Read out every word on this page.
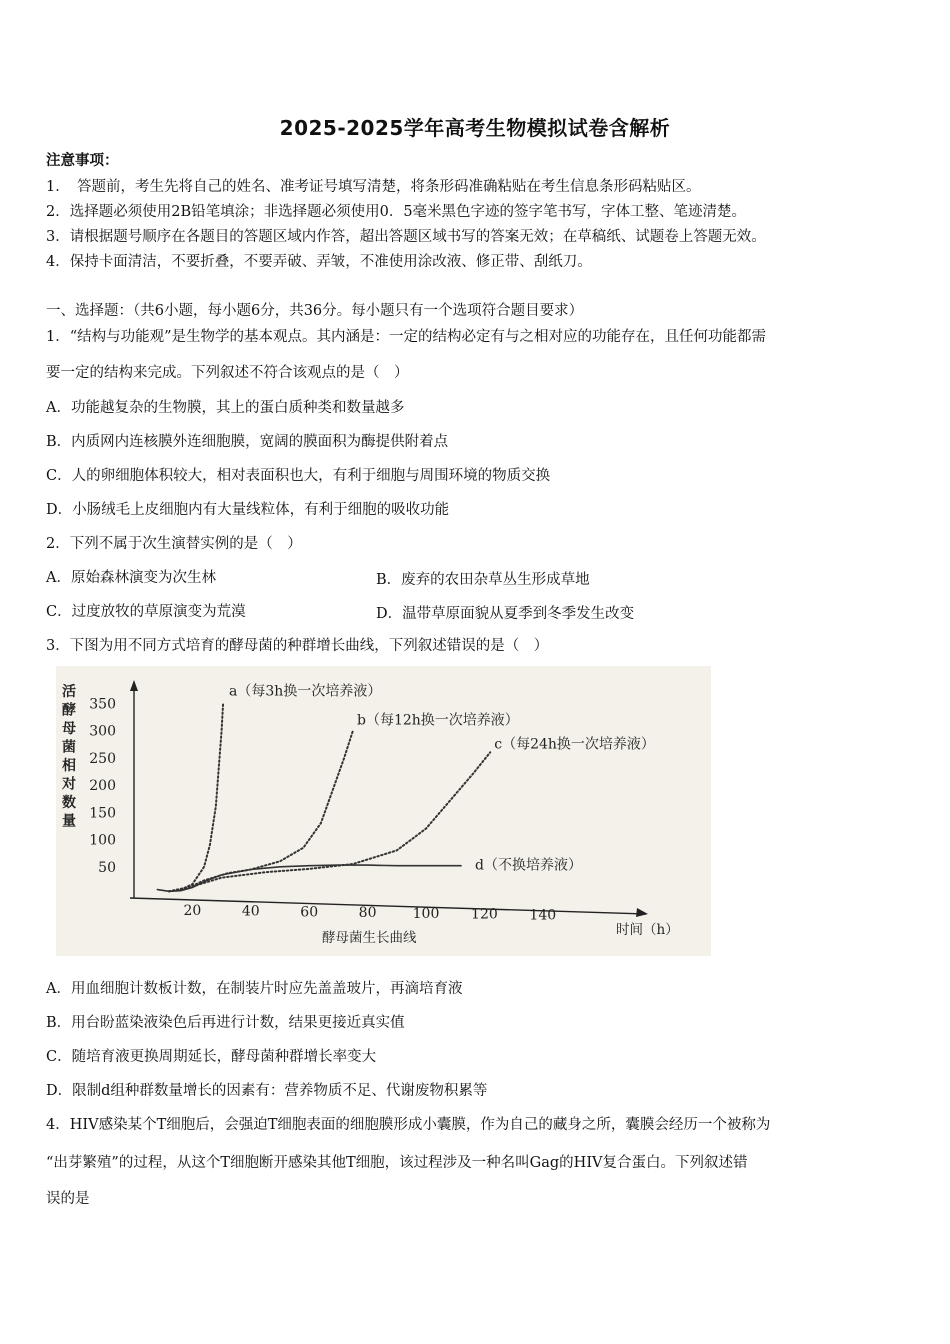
2025-2025学年高考生物模拟试卷含解析
注意事项：
1．　答题前，考生先将自己的姓名、准考证号填写清楚，将条形码准确粘贴在考生信息条形码粘贴区。
2．选择题必须使用2B铅笔填涂；非选择题必须使用0．5毫米黑色字迹的签字笔书写，字体工整、笔迹清楚。
3．请根据题号顺序在各题目的答题区域内作答，超出答题区域书写的答案无效；在草稿纸、试题卷上答题无效。
4．保持卡面清洁，不要折叠，不要弄破、弄皱，不准使用涂改液、修正带、刮纸刀。
一、选择题：（共6小题，每小题6分，共36分。每小题只有一个选项符合题目要求）
1．“结构与功能观”是生物学的基本观点。其内涵是：一定的结构必定有与之相对应的功能存在，且任何功能都需
要一定的结构来完成。下列叙述不符合该观点的是（　）
A．功能越复杂的生物膜，其上的蛋白质种类和数量越多
B．内质网内连核膜外连细胞膜，宽阔的膜面积为酶提供附着点
C．人的卵细胞体积较大，相对表面积也大，有利于细胞与周围环境的物质交换
D．小肠绒毛上皮细胞内有大量线粒体，有利于细胞的吸收功能
2．下列不属于次生演替实例的是（　）
A．原始森林演变为次生林	B．废弃的农田杂草丛生形成草地
C．过度放牧的草原演变为荒漠	D．温带草原面貌从夏季到冬季发生改变
3．下图为用不同方式培育的酵母菌的种群增长曲线，下列叙述错误的是（　）
活
酵
母
菌
相
对
数
量
50
100
150
200
250
300
350
20	40	60	80	100 120 140
a（每3h换一次培养液）
b（每12h换一次培养液）
c（每24h换一次培养液）
d（不换培养液）
时间（h）
酵母菌生长曲线
A．用血细胞计数板计数，在制装片时应先盖盖玻片，再滴培育液
B．用台盼蓝染液染色后再进行计数，结果更接近真实值
C．随培育液更换周期延长，酵母菌种群增长率变大
D．限制d组种群数量增长的因素有：营养物质不足、代谢废物积累等
4．HIV感染某个T细胞后，会强迫T细胞表面的细胞膜形成小囊膜，作为自己的藏身之所，囊膜会经历一个被称为
“出芽繁殖”的过程，从这个T细胞断开感染其他T细胞，该过程涉及一种名叫Gag的HIV复合蛋白。下列叙述错
误的是
